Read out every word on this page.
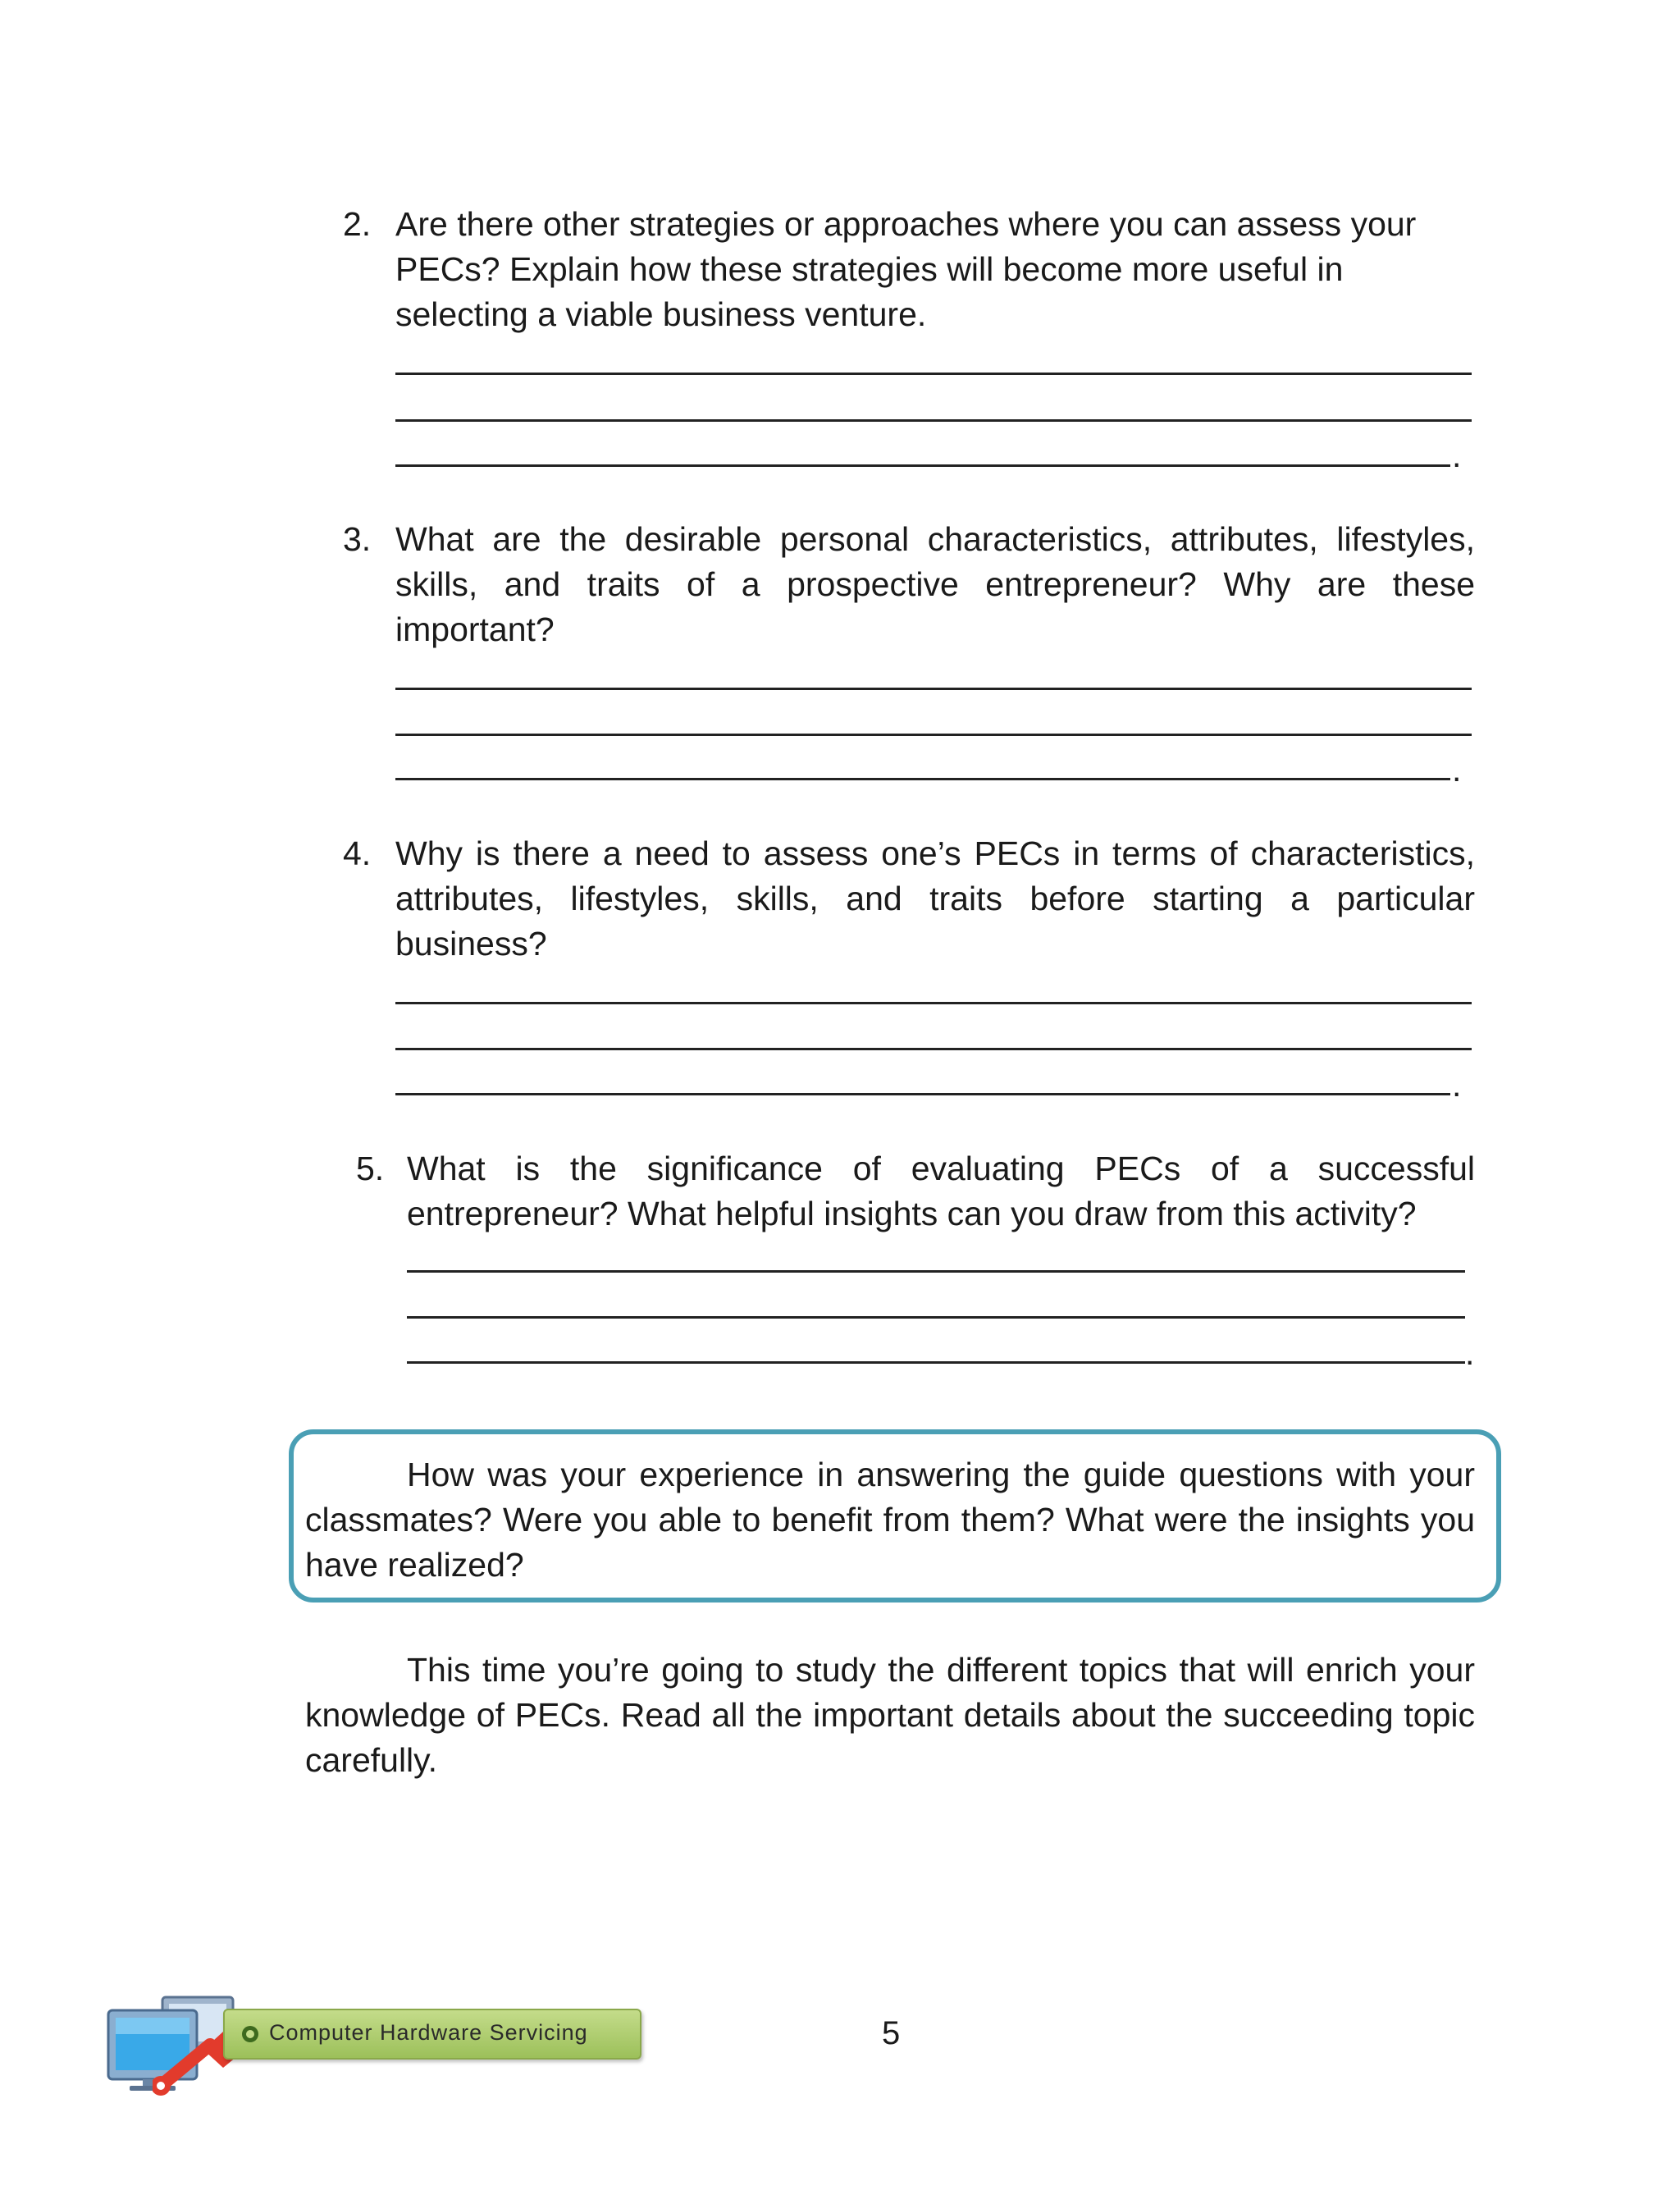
2. Are there other strategies or approaches where you can assess your PECs? Explain how these strategies will become more useful in selecting a viable business venture.
.
3. What are the desirable personal characteristics, attributes, lifestyles, skills, and traits of a prospective entrepreneur? Why are these important?
.
4. Why is there a need to assess one’s PECs in terms of characteristics, attributes, lifestyles, skills, and traits before starting a particular business?
.
5. What is the significance of evaluating PECs of a successful entrepreneur? What helpful insights can you draw from this activity?
.
How was your experience in answering the guide questions with your classmates? Were you able to benefit from them? What were the insights you have realized?
This time you’re going to study the different topics that will enrich your knowledge of PECs. Read all the important details about the succeeding topic carefully.
Computer Hardware Servicing	5
